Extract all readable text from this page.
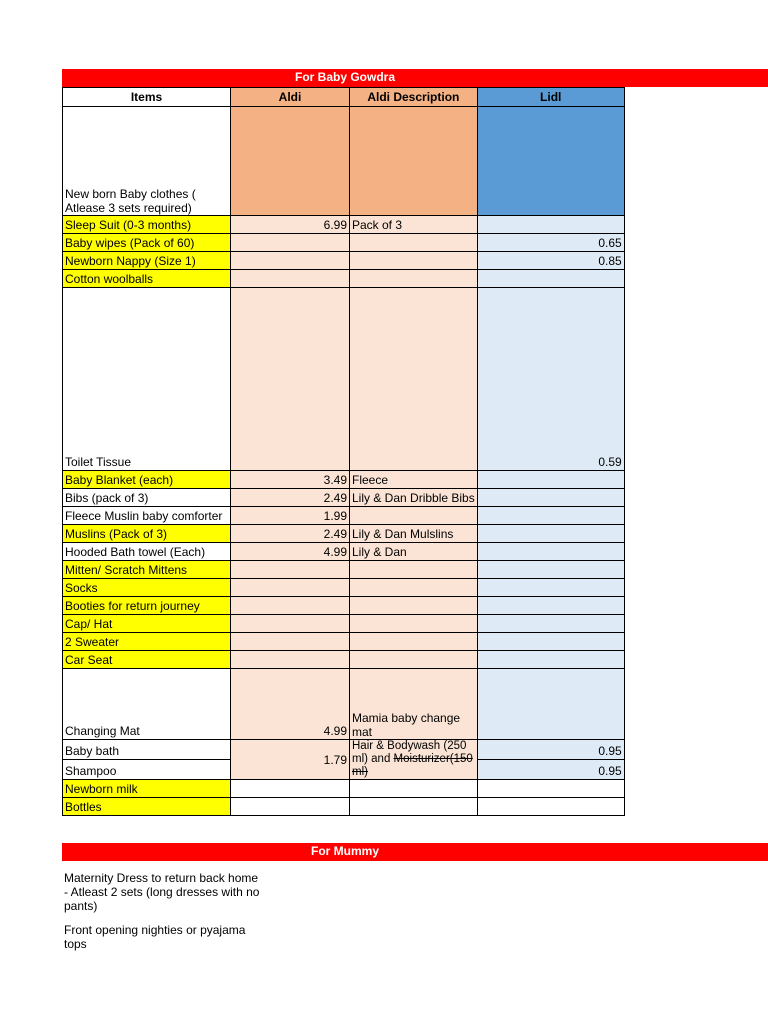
For Baby Gowdra
Items	Aldi	Aldi Description	Lidl
New born Baby clothes ( Atlease 3 sets required)			
Sleep Suit (0-3 months)	6.99	Pack of 3	
Baby wipes (Pack of 60)			0.65
Newborn Nappy (Size 1)			0.85
Cotton woolballs			
Toilet Tissue			0.59
Baby Blanket (each)	3.49	Fleece	
Bibs (pack of 3)	2.49	Lily & Dan Dribble Bibs	
Fleece Muslin baby comforter	1.99		
Muslins (Pack of 3)	2.49	Lily & Dan Mulslins	
Hooded Bath towel (Each)	4.99	Lily & Dan	
Mitten/ Scratch Mittens			
Socks			
Booties for return journey			
Cap/ Hat			
2 Sweater			
Car Seat			
Changing Mat	4.99	Mamia baby change mat	
Baby bath	1.79	Hair & Bodywash (250 ml) and Moisturizer(150 ml)	0.95
Shampoo			0.95
Newborn milk			
Bottles			
For Mummy
Maternity Dress to return back home - Atleast 2 sets (long dresses with no pants)
Front opening nighties or pyajama tops
